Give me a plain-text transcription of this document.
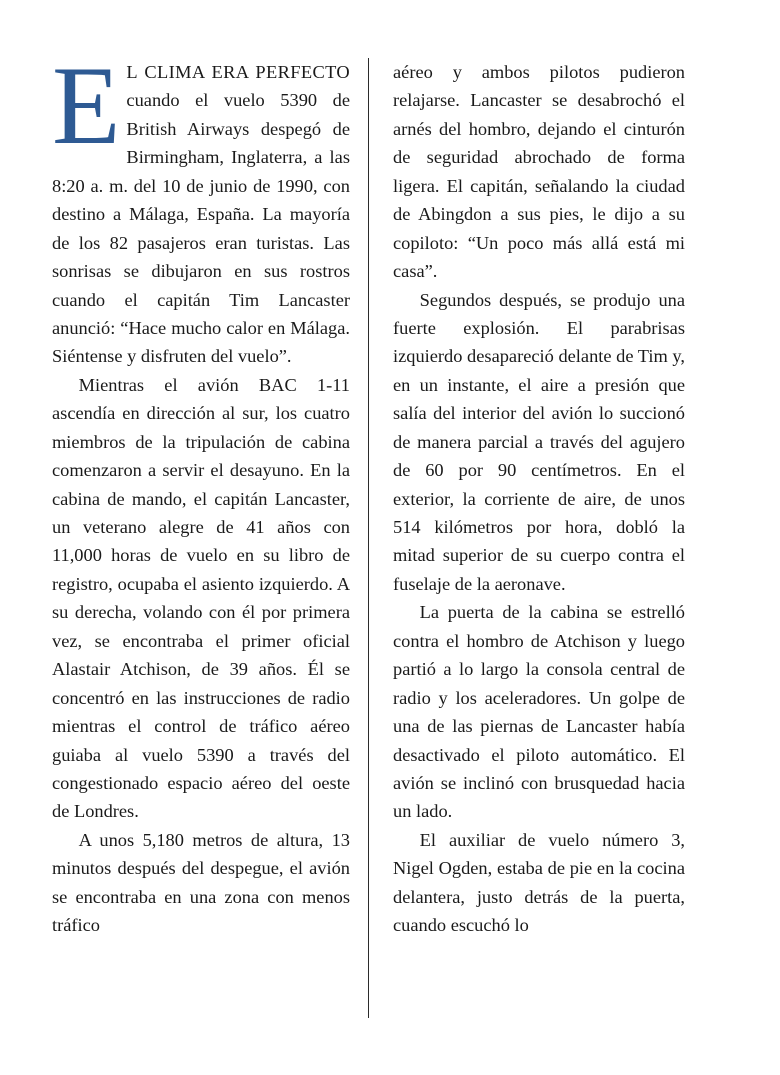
E L CLIMA ERA PERFECTO cuando el vuelo 5390 de British Airways despegó de Birmingham, Inglaterra, a las 8:20 a. m. del 10 de junio de 1990, con destino a Málaga, España. La mayoría de los 82 pasajeros eran turistas. Las sonrisas se dibujaron en sus rostros cuando el capitán Tim Lancaster anunció: “Hace mucho calor en Málaga. Siéntense y disfruten del vuelo”.

Mientras el avión BAC 1-11 ascendía en dirección al sur, los cuatro miembros de la tripulación de cabina comenzaron a servir el desayuno. En la cabina de mando, el capitán Lancaster, un veterano alegre de 41 años con 11,000 horas de vuelo en su libro de registro, ocupaba el asiento izquierdo. A su derecha, volando con él por primera vez, se encontraba el primer oficial Alastair Atchison, de 39 años. Él se concentró en las instrucciones de radio mientras el control de tráfico aéreo guiaba al vuelo 5390 a través del congestionado espacio aéreo del oeste de Londres.

A unos 5,180 metros de altura, 13 minutos después del despegue, el avión se encontraba en una zona con menos tráfico

aéreo y ambos pilotos pudieron relajarse. Lancaster se desabrochó el arnés del hombro, dejando el cinturón de seguridad abrochado de forma ligera. El capitán, señalando la ciudad de Abingdon a sus pies, le dijo a su copiloto: “Un poco más allá está mi casa”.

Segundos después, se produjo una fuerte explosión. El parabrisas izquierdo desapareció delante de Tim y, en un instante, el aire a presión que salía del interior del avión lo succionó de manera parcial a través del agujero de 60 por 90 centímetros. En el exterior, la corriente de aire, de unos 514 kilómetros por hora, dobló la mitad superior de su cuerpo contra el fuselaje de la aeronave.

La puerta de la cabina se estrelló contra el hombro de Atchison y luego partió a lo largo la consola central de radio y los aceleradores. Un golpe de una de las piernas de Lancaster había desactivado el piloto automático. El avión se inclinó con brusquedad hacia un lado.

El auxiliar de vuelo número 3, Nigel Ogden, estaba de pie en la cocina delantera, justo detrás de la puerta, cuando escuchó lo
